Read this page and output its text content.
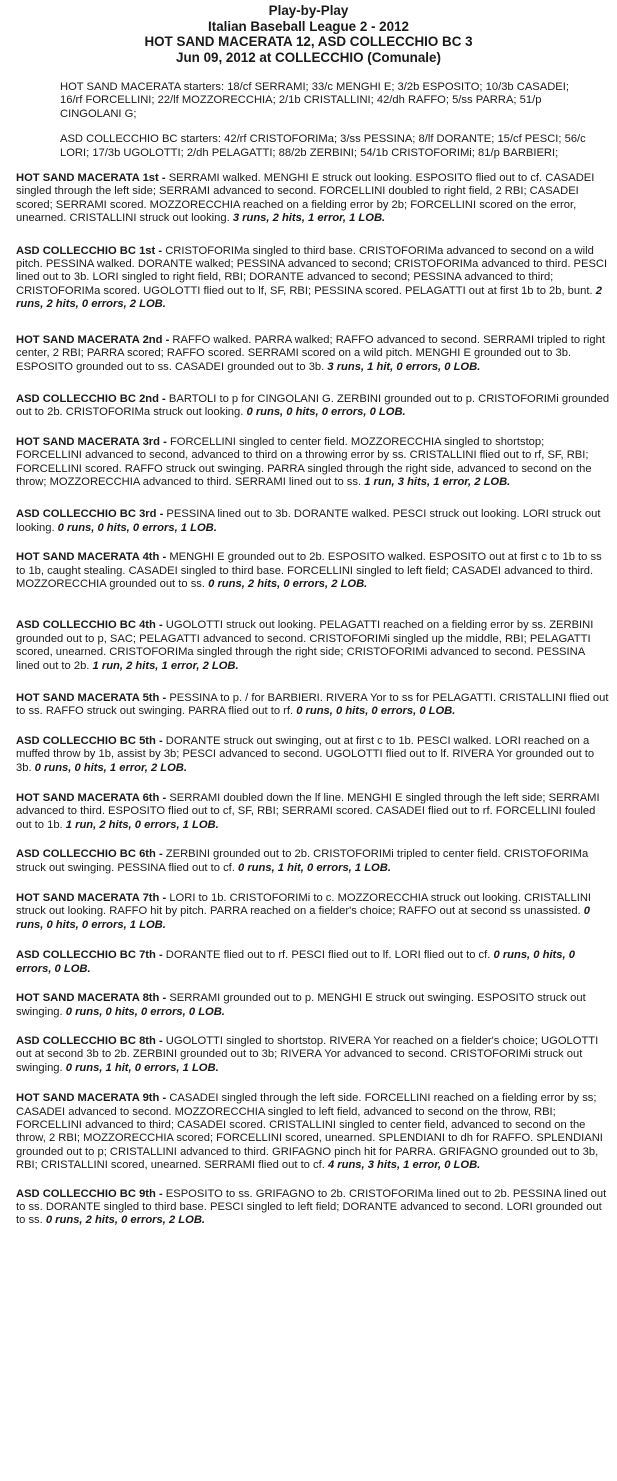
Play-by-Play
Italian Baseball League 2 - 2012
HOT SAND MACERATA 12, ASD COLLECCHIO BC 3
Jun 09, 2012 at COLLECCHIO (Comunale)

HOT SAND MACERATA starters: 18/cf SERRAMI; 33/c MENGHI E; 3/2b ESPOSITO; 10/3b CASADEI; 16/rf FORCELLINI; 22/lf MOZZORECCHIA; 2/1b CRISTALLINI; 42/dh RAFFO; 5/ss PARRA; 51/p CINGOLANI G;

ASD COLLECCHIO BC starters: 42/rf CRISTOFORIMa; 3/ss PESSINA; 8/lf DORANTE; 15/cf PESCI; 56/c LORI; 17/3b UGOLOTTI; 2/dh PELAGATTI; 88/2b ZERBINI; 54/1b CRISTOFORIMi; 81/p BARBIERI;

HOT SAND MACERATA 1st - SERRAMI walked. MENGHI E struck out looking. ESPOSITO flied out to cf. CASADEI singled through the left side; SERRAMI advanced to second. FORCELLINI doubled to right field, 2 RBI; CASADEI scored; SERRAMI scored. MOZZORECCHIA reached on a fielding error by 2b; FORCELLINI scored on the error, unearned. CRISTALLINI struck out looking. 3 runs, 2 hits, 1 error, 1 LOB.

ASD COLLECCHIO BC 1st - CRISTOFORIMa singled to third base. CRISTOFORIMa advanced to second on a wild pitch. PESSINA walked. DORANTE walked; PESSINA advanced to second; CRISTOFORIMa advanced to third. PESCI lined out to 3b. LORI singled to right field, RBI; DORANTE advanced to second; PESSINA advanced to third; CRISTOFORIMa scored. UGOLOTTI flied out to lf, SF, RBI; PESSINA scored. PELAGATTI out at first 1b to 2b, bunt. 2 runs, 2 hits, 0 errors, 2 LOB.

HOT SAND MACERATA 2nd - RAFFO walked. PARRA walked; RAFFO advanced to second. SERRAMI tripled to right center, 2 RBI; PARRA scored; RAFFO scored. SERRAMI scored on a wild pitch. MENGHI E grounded out to 3b. ESPOSITO grounded out to ss. CASADEI grounded out to 3b. 3 runs, 1 hit, 0 errors, 0 LOB.

ASD COLLECCHIO BC 2nd - BARTOLI to p for CINGOLANI G. ZERBINI grounded out to p. CRISTOFORIMi grounded out to 2b. CRISTOFORIMa struck out looking. 0 runs, 0 hits, 0 errors, 0 LOB.

HOT SAND MACERATA 3rd - FORCELLINI singled to center field. MOZZORECCHIA singled to shortstop; FORCELLINI advanced to second, advanced to third on a throwing error by ss. CRISTALLINI flied out to rf, SF, RBI; FORCELLINI scored. RAFFO struck out swinging. PARRA singled through the right side, advanced to second on the throw; MOZZORECCHIA advanced to third. SERRAMI lined out to ss. 1 run, 3 hits, 1 error, 2 LOB.

ASD COLLECCHIO BC 3rd - PESSINA lined out to 3b. DORANTE walked. PESCI struck out looking. LORI struck out looking. 0 runs, 0 hits, 0 errors, 1 LOB.

HOT SAND MACERATA 4th - MENGHI E grounded out to 2b. ESPOSITO walked. ESPOSITO out at first c to 1b to ss to 1b, caught stealing. CASADEI singled to third base. FORCELLINI singled to left field; CASADEI advanced to third. MOZZORECCHIA grounded out to ss. 0 runs, 2 hits, 0 errors, 2 LOB.

ASD COLLECCHIO BC 4th - UGOLOTTI struck out looking. PELAGATTI reached on a fielding error by ss. ZERBINI grounded out to p, SAC; PELAGATTI advanced to second. CRISTOFORIMi singled up the middle, RBI; PELAGATTI scored, unearned. CRISTOFORIMa singled through the right side; CRISTOFORIMi advanced to second. PESSINA lined out to 2b. 1 run, 2 hits, 1 error, 2 LOB.

HOT SAND MACERATA 5th - PESSINA to p. / for BARBIERI. RIVERA Yor to ss for PELAGATTI. CRISTALLINI flied out to ss. RAFFO struck out swinging. PARRA flied out to rf. 0 runs, 0 hits, 0 errors, 0 LOB.

ASD COLLECCHIO BC 5th - DORANTE struck out swinging, out at first c to 1b. PESCI walked. LORI reached on a muffed throw by 1b, assist by 3b; PESCI advanced to second. UGOLOTTI flied out to lf. RIVERA Yor grounded out to 3b. 0 runs, 0 hits, 1 error, 2 LOB.

HOT SAND MACERATA 6th - SERRAMI doubled down the lf line. MENGHI E singled through the left side; SERRAMI advanced to third. ESPOSITO flied out to cf, SF, RBI; SERRAMI scored. CASADEI flied out to rf. FORCELLINI fouled out to 1b. 1 run, 2 hits, 0 errors, 1 LOB.

ASD COLLECCHIO BC 6th - ZERBINI grounded out to 2b. CRISTOFORIMi tripled to center field. CRISTOFORIMa struck out swinging. PESSINA flied out to cf. 0 runs, 1 hit, 0 errors, 1 LOB.

HOT SAND MACERATA 7th - LORI to 1b. CRISTOFORIMi to c. MOZZORECCHIA struck out looking. CRISTALLINI struck out looking. RAFFO hit by pitch. PARRA reached on a fielder's choice; RAFFO out at second ss unassisted. 0 runs, 0 hits, 0 errors, 1 LOB.

ASD COLLECCHIO BC 7th - DORANTE flied out to rf. PESCI flied out to lf. LORI flied out to cf. 0 runs, 0 hits, 0 errors, 0 LOB.

HOT SAND MACERATA 8th - SERRAMI grounded out to p. MENGHI E struck out swinging. ESPOSITO struck out swinging. 0 runs, 0 hits, 0 errors, 0 LOB.

ASD COLLECCHIO BC 8th - UGOLOTTI singled to shortstop. RIVERA Yor reached on a fielder's choice; UGOLOTTI out at second 3b to 2b. ZERBINI grounded out to 3b; RIVERA Yor advanced to second. CRISTOFORIMi struck out swinging. 0 runs, 1 hit, 0 errors, 1 LOB.

HOT SAND MACERATA 9th - CASADEI singled through the left side. FORCELLINI reached on a fielding error by ss; CASADEI advanced to second. MOZZORECCHIA singled to left field, advanced to second on the throw, RBI; FORCELLINI advanced to third; CASADEI scored. CRISTALLINI singled to center field, advanced to second on the throw, 2 RBI; MOZZORECCHIA scored; FORCELLINI scored, unearned. SPLENDIANI to dh for RAFFO. SPLENDIANI grounded out to p; CRISTALLINI advanced to third. GRIFAGNO pinch hit for PARRA. GRIFAGNO grounded out to 3b, RBI; CRISTALLINI scored, unearned. SERRAMI flied out to cf. 4 runs, 3 hits, 1 error, 0 LOB.

ASD COLLECCHIO BC 9th - ESPOSITO to ss. GRIFAGNO to 2b. CRISTOFORIMa lined out to 2b. PESSINA lined out to ss. DORANTE singled to third base. PESCI singled to left field; DORANTE advanced to second. LORI grounded out to ss. 0 runs, 2 hits, 0 errors, 2 LOB.
